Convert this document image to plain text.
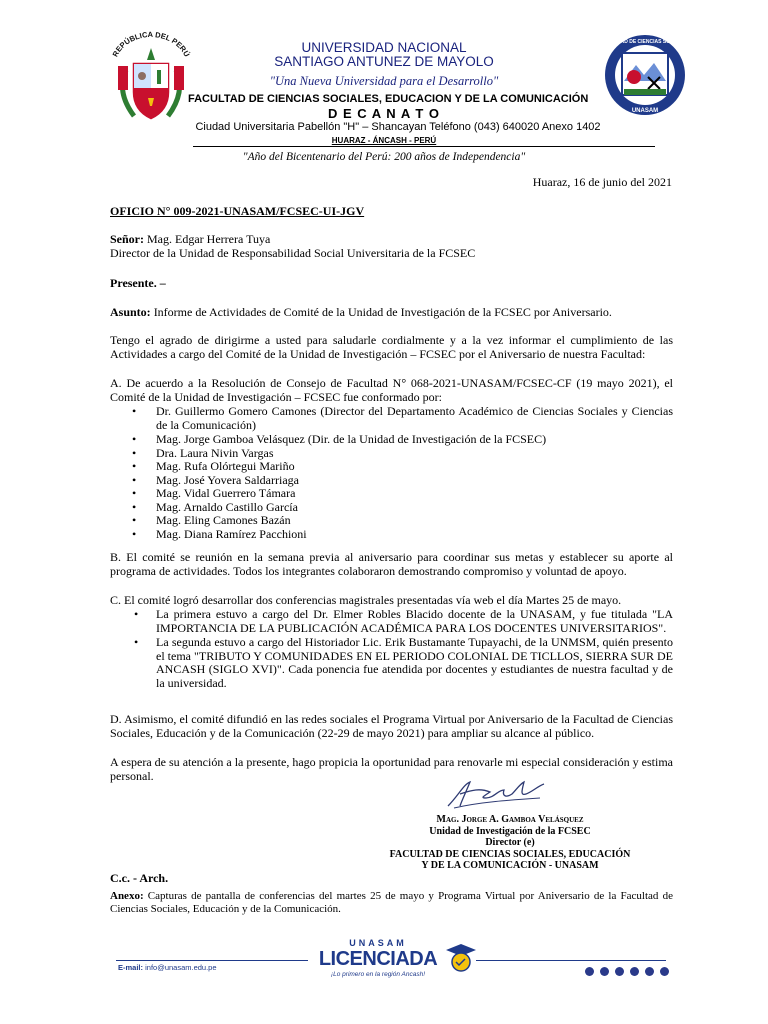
REPÚBLICA DEL PERÚ	UNIVERSIDAD NACIONAL
SANTIAGO ANTUNEZ DE MAYOLO
"Una Nueva Universidad para el Desarrollo"
FACULTAD DE CIENCIAS SOCIALES, EDUCACION Y DE LA COMUNICACIÓN
D E C A N A T O
Ciudad Universitaria Pabellón "H" – Shancayan Teléfono (043) 640020 Anexo 1402
HUARAZ - ÁNCASH - PERÚ
"Año del Bicentenario del Perú: 200 años de Independencia"
FACULTAD DE CIENCIAS SOCIALES
UNASAM
Huaraz, 16 de junio del 2021
OFICIO N° 009-2021-UNASAM/FCSEC-UI-JGV
Señor: Mag. Edgar Herrera Tuya
Director de la Unidad de Responsabilidad Social Universitaria de la FCSEC
Presente. –
Asunto: Informe de Actividades de Comité de la Unidad de Investigación de la FCSEC por Aniversario.
Tengo el agrado de dirigirme a usted para saludarle cordialmente y a la vez informar el cumplimiento de las Actividades a cargo del Comité de la Unidad de Investigación – FCSEC por el Aniversario de nuestra Facultad:
A. De acuerdo a la Resolución de Consejo de Facultad N° 068-2021-UNASAM/FCSEC-CF (19 mayo 2021), el Comité de la Unidad de Investigación – FCSEC fue conformado por:
• Dr. Guillermo Gomero Camones (Director del Departamento Académico de Ciencias Sociales y Ciencias de la Comunicación)
• Mag. Jorge Gamboa Velásquez (Dir. de la Unidad de Investigación de la FCSEC)
• Dra. Laura Nivin Vargas
• Mag. Rufa Olórtegui Mariño
• Mag. José Yovera Saldarriaga
• Mag. Vidal Guerrero Támara
• Mag. Arnaldo Castillo García
• Mag. Eling Camones Bazán
• Mag. Diana Ramírez Pacchioni
B. El comité se reunión en la semana previa al aniversario para coordinar sus metas y establecer su aporte al programa de actividades. Todos los integrantes colaboraron demostrando compromiso y voluntad de apoyo.
C. El comité logró desarrollar dos conferencias magistrales presentadas vía web el día Martes 25 de mayo.
• La primera estuvo a cargo del Dr. Elmer Robles Blacido docente de la UNASAM, y fue titulada "LA IMPORTANCIA DE LA PUBLICACIÓN ACADÉMICA PARA LOS DOCENTES UNIVERSITARIOS".
• La segunda estuvo a cargo del Historiador Lic. Erik Bustamante Tupayachi, de la UNMSM, quién presento el tema "TRIBUTO Y COMUNIDADES EN EL PERIODO COLONIAL DE TICLLOS, SIERRA SUR DE ANCASH (SIGLO XVI)". Cada ponencia fue atendida por docentes y estudiantes de nuestra facultad y de la universidad.
D. Asimismo, el comité difundió en las redes sociales el Programa Virtual por Aniversario de la Facultad de Ciencias Sociales, Educación y de la Comunicación (22-29 de mayo 2021) para ampliar su alcance al público.
A espera de su atención a la presente, hago propicia la oportunidad para renovarle mi especial consideración y estima personal.
Mag. Jorge A. Gamboa Velásquez
Unidad de Investigación de la FCSEC
Director (e)
FACULTAD DE CIENCIAS SOCIALES, EDUCACIÓN
Y DE LA COMUNICACIÓN - UNASAM
C.c. - Arch.
Anexo: Capturas de pantalla de conferencias del martes 25 de mayo y Programa Virtual por Aniversario de la Facultad de Ciencias Sociales, Educación y de la Comunicación.
E-mail: info@unasam.edu.pe
UNASAM
LICENCIADA
¡Lo primero en la región Ancash!
